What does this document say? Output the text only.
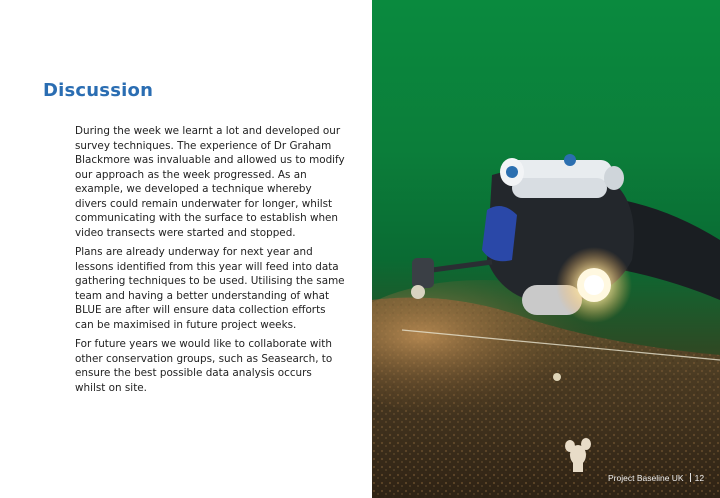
Discussion

During the week we learnt a lot and developed our survey techniques. The experience of Dr Graham Blackmore was invaluable and allowed us to modify our approach as the week progressed. As an example, we developed a technique whereby divers could remain underwater for longer, whilst communicating with the surface to establish when video transects were started and stopped.

Plans are already underway for next year and lessons identified from this year will feed into data gathering techniques to be used. Utilising the same team and having a better understanding of what BLUE are after will ensure data collection efforts can be maximised in future project weeks.

For future years we would like to collaborate with other conservation groups, such as Seasearch, to ensure the best possible data analysis occurs whilst on site.

Project Baseline UK 12
